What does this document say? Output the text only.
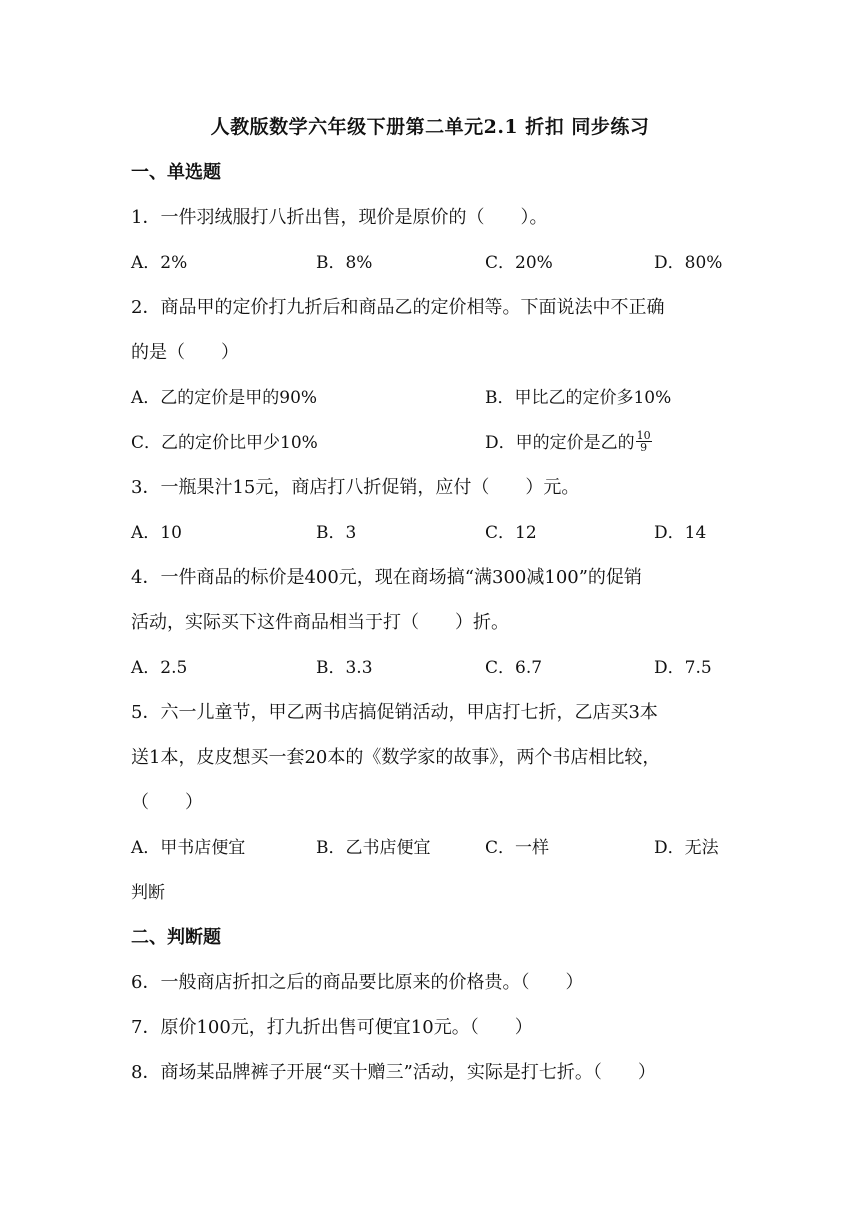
人教版数学六年级下册第二单元2.1 折扣 同步练习
一、单选题
1．一件羽绒服打八折出售，现价是原价的（　　）。
A．2%	B．8%	C．20%	D．80%
2．商品甲的定价打九折后和商品乙的定价相等。下面说法中不正确
的是（　　）
A．乙的定价是甲的90%	B．甲比乙的定价多10%
C．乙的定价比甲少10%	D．甲的定价是乙的 $\frac{10}{9}$
3．一瓶果汁15元，商店打八折促销，应付（　　）元。
A．10	B．3	C．12	D．14
4．一件商品的标价是400元，现在商场搞“满300减100”的促销
活动，实际买下这件商品相当于打（　　）折。
A．2.5	B．3.3	C．6.7	D．7.5
5．六一儿童节，甲乙两书店搞促销活动，甲店打七折，乙店买3本
送1本，皮皮想买一套20本的《数学家的故事》，两个书店相比较，
（　　）
A．甲书店便宜	B．乙书店便宜	C．一样	D．无法
判断
二、判断题
6．一般商店折扣之后的商品要比原来的价格贵。（　　）
7．原价100元，打九折出售可便宜10元。（　　）
8．商场某品牌裤子开展“买十赠三”活动，实际是打七折。（　　）
